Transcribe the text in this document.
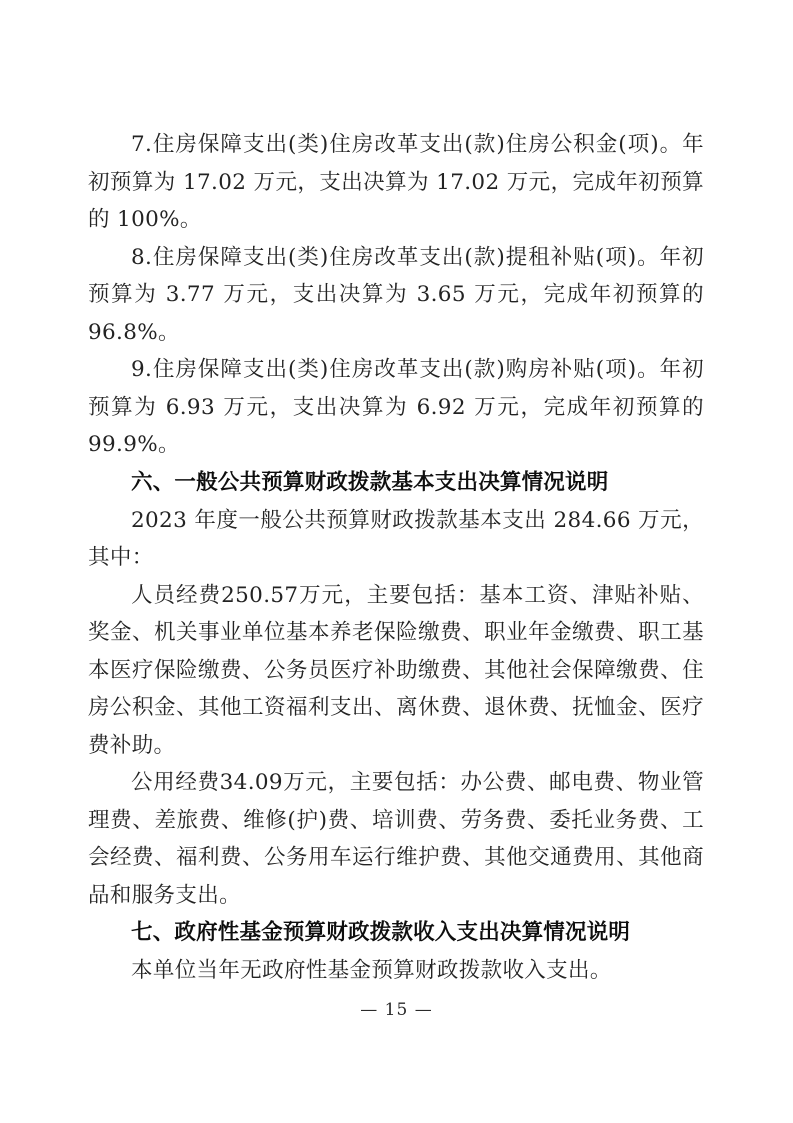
7.住房保障支出(类)住房改革支出(款)住房公积金(项)。年初预算为 17.02 万元，支出决算为 17.02 万元，完成年初预算的 100%。

8.住房保障支出(类)住房改革支出(款)提租补贴(项)。年初预算为 3.77 万元，支出决算为 3.65 万元，完成年初预算的 96.8%。

9.住房保障支出(类)住房改革支出(款)购房补贴(项)。年初预算为 6.93 万元，支出决算为 6.92 万元，完成年初预算的 99.9%。

六、一般公共预算财政拨款基本支出决算情况说明

2023 年度一般公共预算财政拨款基本支出 284.66 万元，其中：

人员经费250.57万元，主要包括：基本工资、津贴补贴、奖金、机关事业单位基本养老保险缴费、职业年金缴费、职工基本医疗保险缴费、公务员医疗补助缴费、其他社会保障缴费、住房公积金、其他工资福利支出、离休费、退休费、抚恤金、医疗费补助。

公用经费34.09万元，主要包括：办公费、邮电费、物业管理费、差旅费、维修(护)费、培训费、劳务费、委托业务费、工会经费、福利费、公务用车运行维护费、其他交通费用、其他商品和服务支出。

七、政府性基金预算财政拨款收入支出决算情况说明

本单位当年无政府性基金预算财政拨款收入支出。

— 15 —
